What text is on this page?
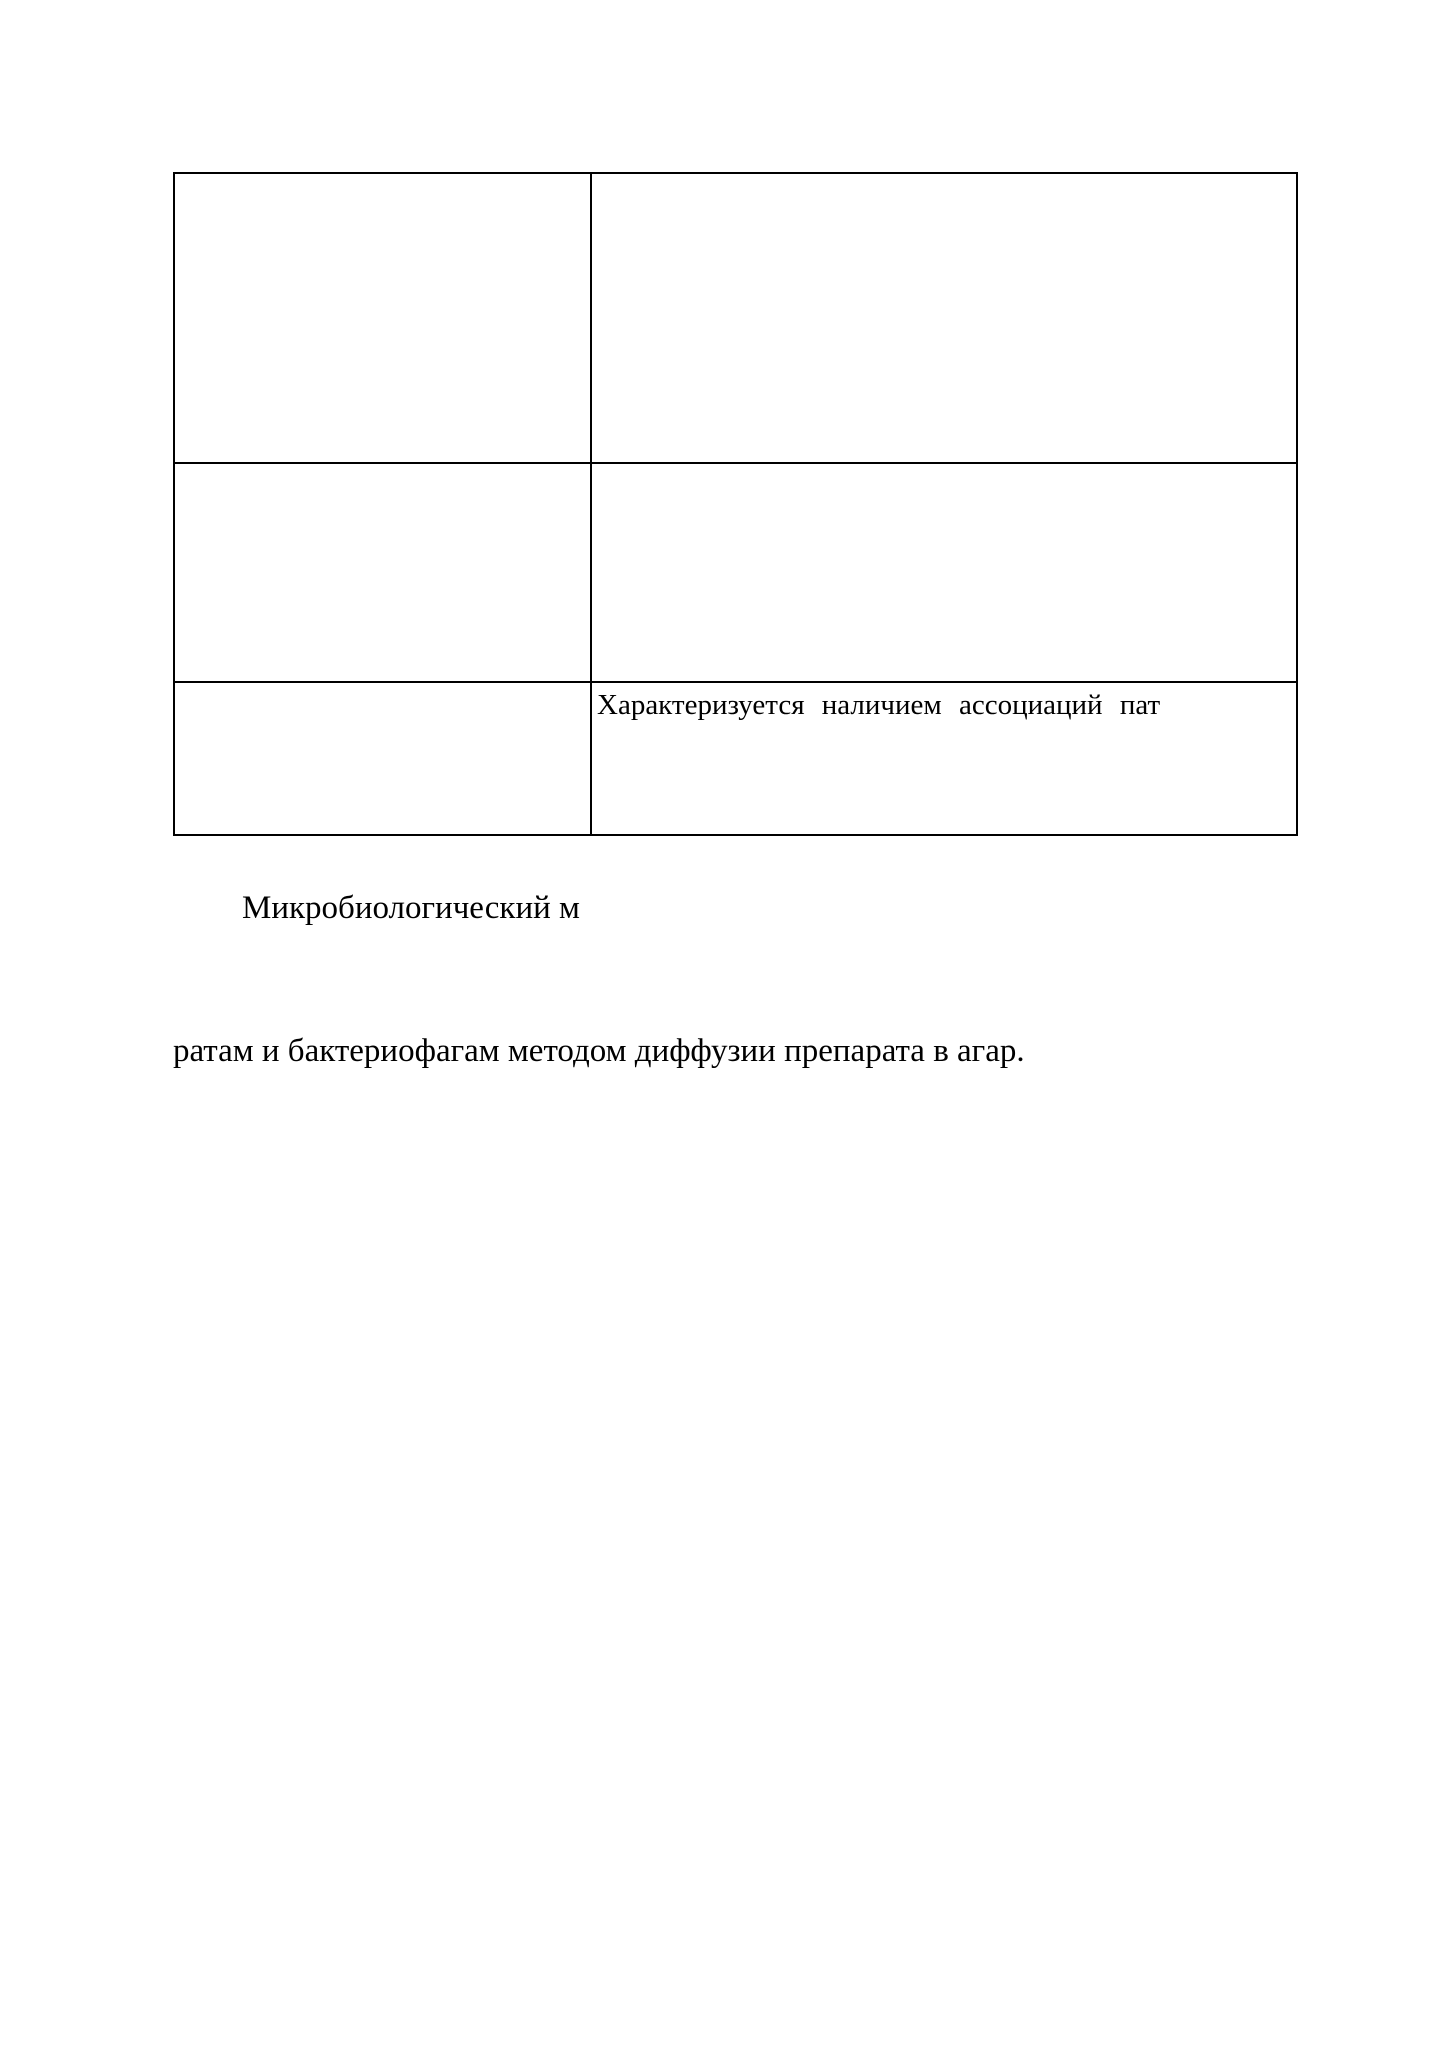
	Характеризуется наличием ассоциаций пат
Микробиологический м
ратам и бактериофагам методом диффузии препарата в агар.
